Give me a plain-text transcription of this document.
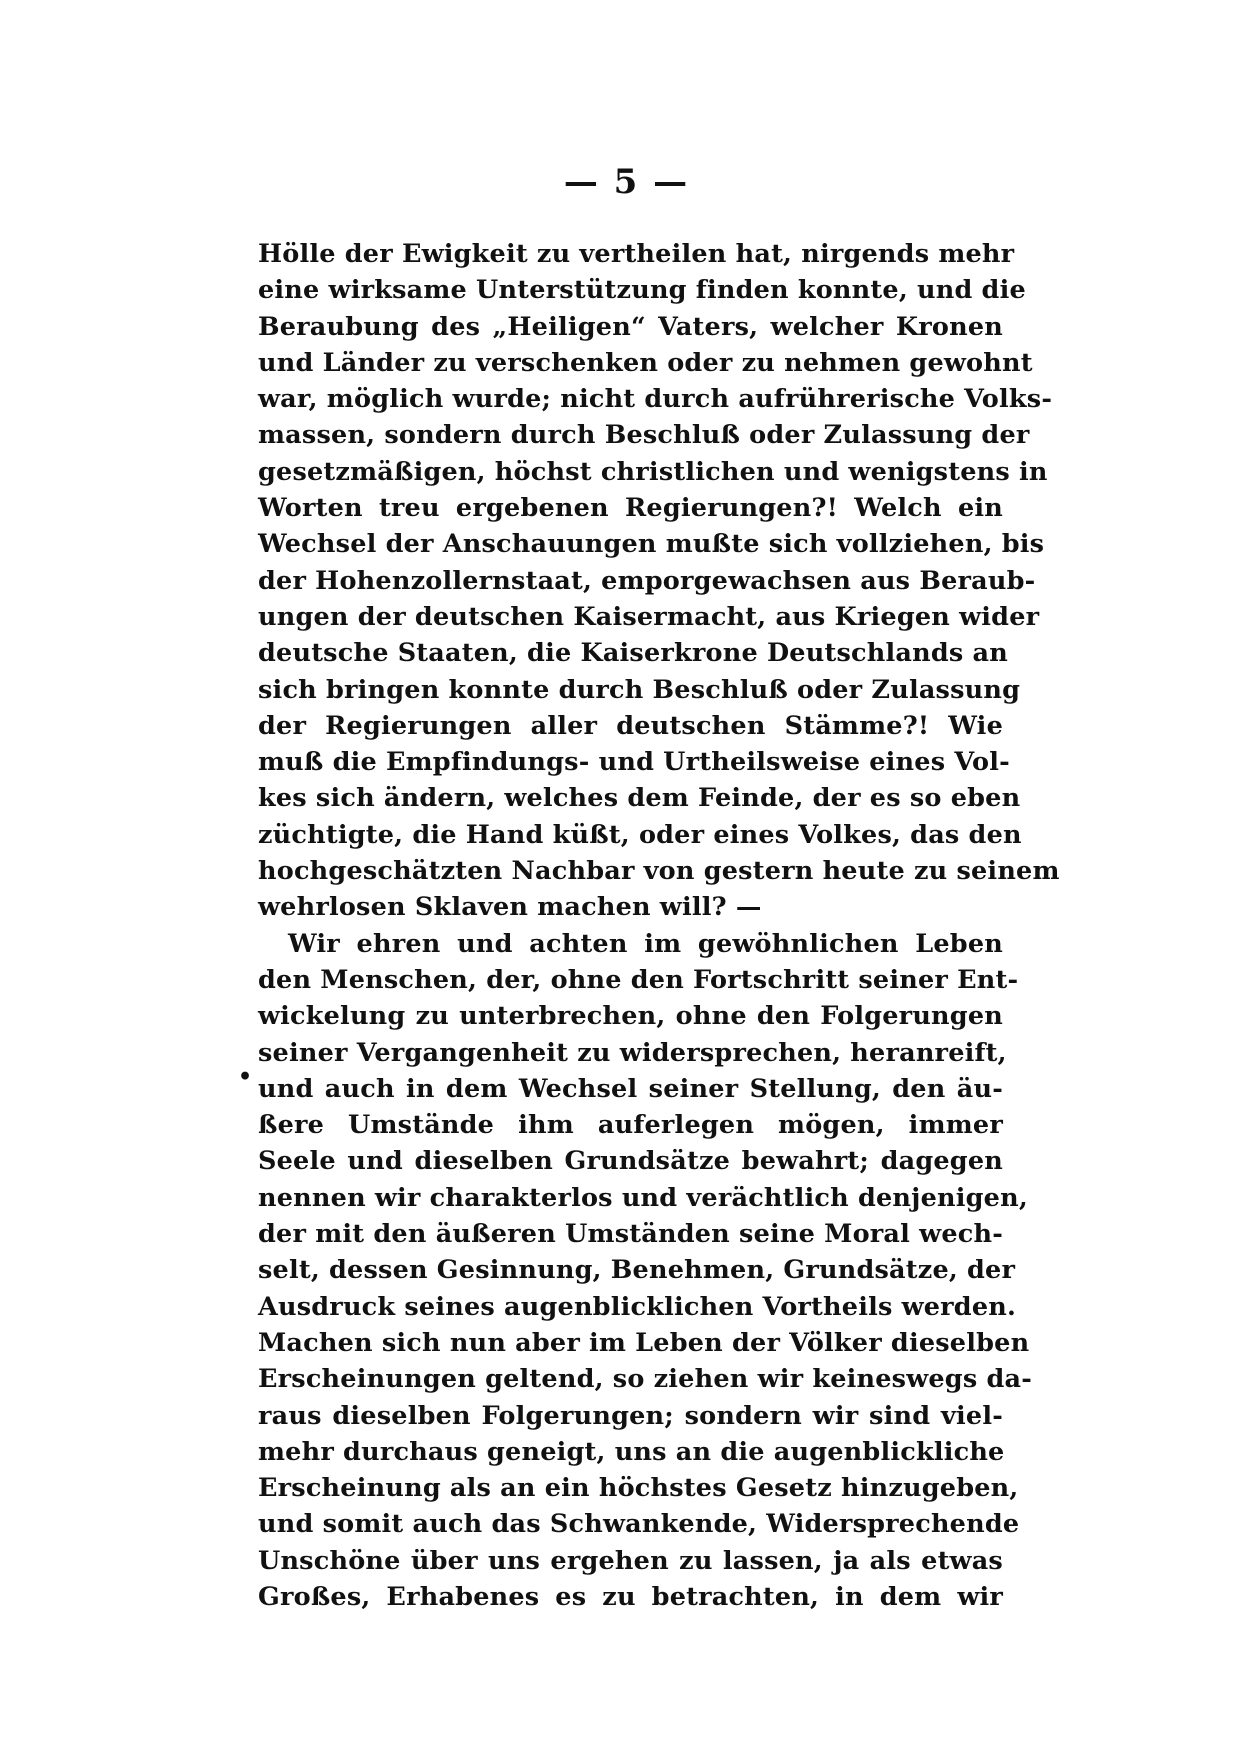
— 5 —
•
Hölle der Ewigkeit zu vertheilen hat, nirgends mehr
eine wirksame Unterstützung finden konnte, und die
Beraubung des „Heiligen“ Vaters, welcher Kronen
und Länder zu verschenken oder zu nehmen gewohnt
war, möglich wurde; nicht durch aufrührerische Volks-
massen, sondern durch Beschluß oder Zulassung der
gesetzmäßigen, höchst christlichen und wenigstens in
Worten treu ergebenen Regierungen?! Welch ein
Wechsel der Anschauungen mußte sich vollziehen, bis
der Hohenzollernstaat, emporgewachsen aus Beraub-
ungen der deutschen Kaisermacht, aus Kriegen wider
deutsche Staaten, die Kaiserkrone Deutschlands an
sich bringen konnte durch Beschluß oder Zulassung
der Regierungen aller deutschen Stämme?! Wie
muß die Empfindungs- und Urtheilsweise eines Vol-
kes sich ändern, welches dem Feinde, der es so eben
züchtigte, die Hand küßt, oder eines Volkes, das den
hochgeschätzten Nachbar von gestern heute zu seinem
wehrlosen Sklaven machen will? —
Wir ehren und achten im gewöhnlichen Leben
den Menschen, der, ohne den Fortschritt seiner Ent-
wickelung zu unterbrechen, ohne den Folgerungen
seiner Vergangenheit zu widersprechen, heranreift,
und auch in dem Wechsel seiner Stellung, den äu-
ßere Umstände ihm auferlegen mögen, immer
Seele und dieselben Grundsätze bewahrt; dagegen
nennen wir charakterlos und verächtlich denjenigen,
der mit den äußeren Umständen seine Moral wech-
selt, dessen Gesinnung, Benehmen, Grundsätze, der
Ausdruck seines augenblicklichen Vortheils werden.
Machen sich nun aber im Leben der Völker dieselben
Erscheinungen geltend, so ziehen wir keineswegs da-
raus dieselben Folgerungen; sondern wir sind viel-
mehr durchaus geneigt, uns an die augenblickliche
Erscheinung als an ein höchstes Gesetz hinzugeben,
und somit auch das Schwankende, Widersprechende
Unschöne über uns ergehen zu lassen, ja als etwas
Großes, Erhabenes es zu betrachten, in dem wir
